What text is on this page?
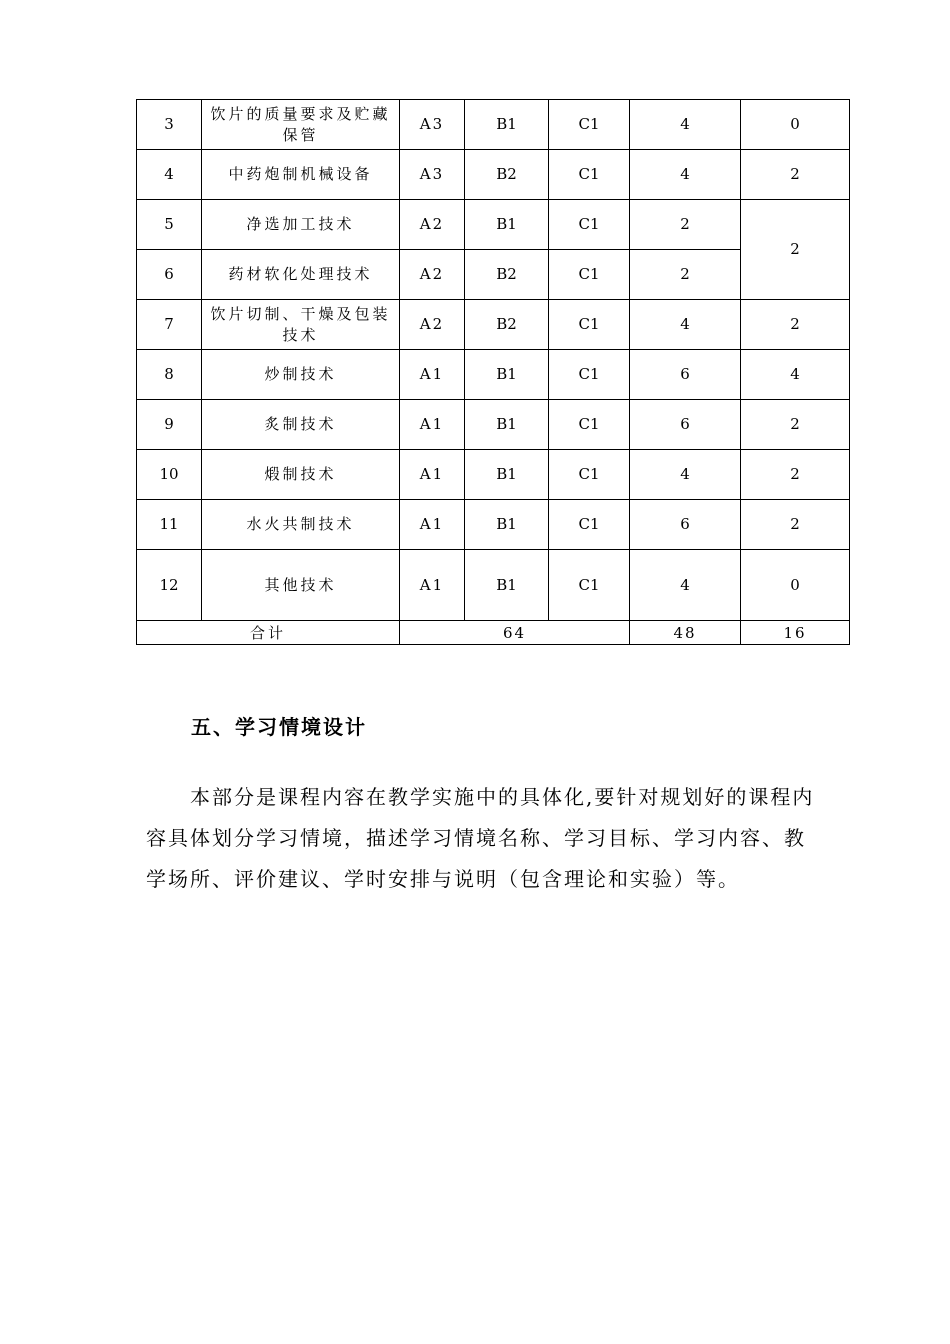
3	饮片的质量要求及贮藏保管	A3	B1	C1	4	0
4	中药炮制机械设备	A3	B2	C1	4	2
5	净选加工技术	A2	B1	C1	2	2
6	药材软化处理技术	A2	B2	C1	2	
7	饮片切制、干燥及包装技术	A2	B2	C1	4	2
8	炒制技术	A1	B1	C1	6	4
9	炙制技术	A1	B1	C1	6	2
10	煅制技术	A1	B1	C1	4	2
11	水火共制技术	A1	B1	C1	6	2
12	其他技术	A1	B1	C1	4	0
合计		64			48	16
五、学习情境设计

本部分是课程内容在教学实施中的具体化,要针对规划好的课程内容具体划分学习情境，描述学习情境名称、学习目标、学习内容、教学场所、评价建议、学时安排与说明（包含理论和实验）等。
